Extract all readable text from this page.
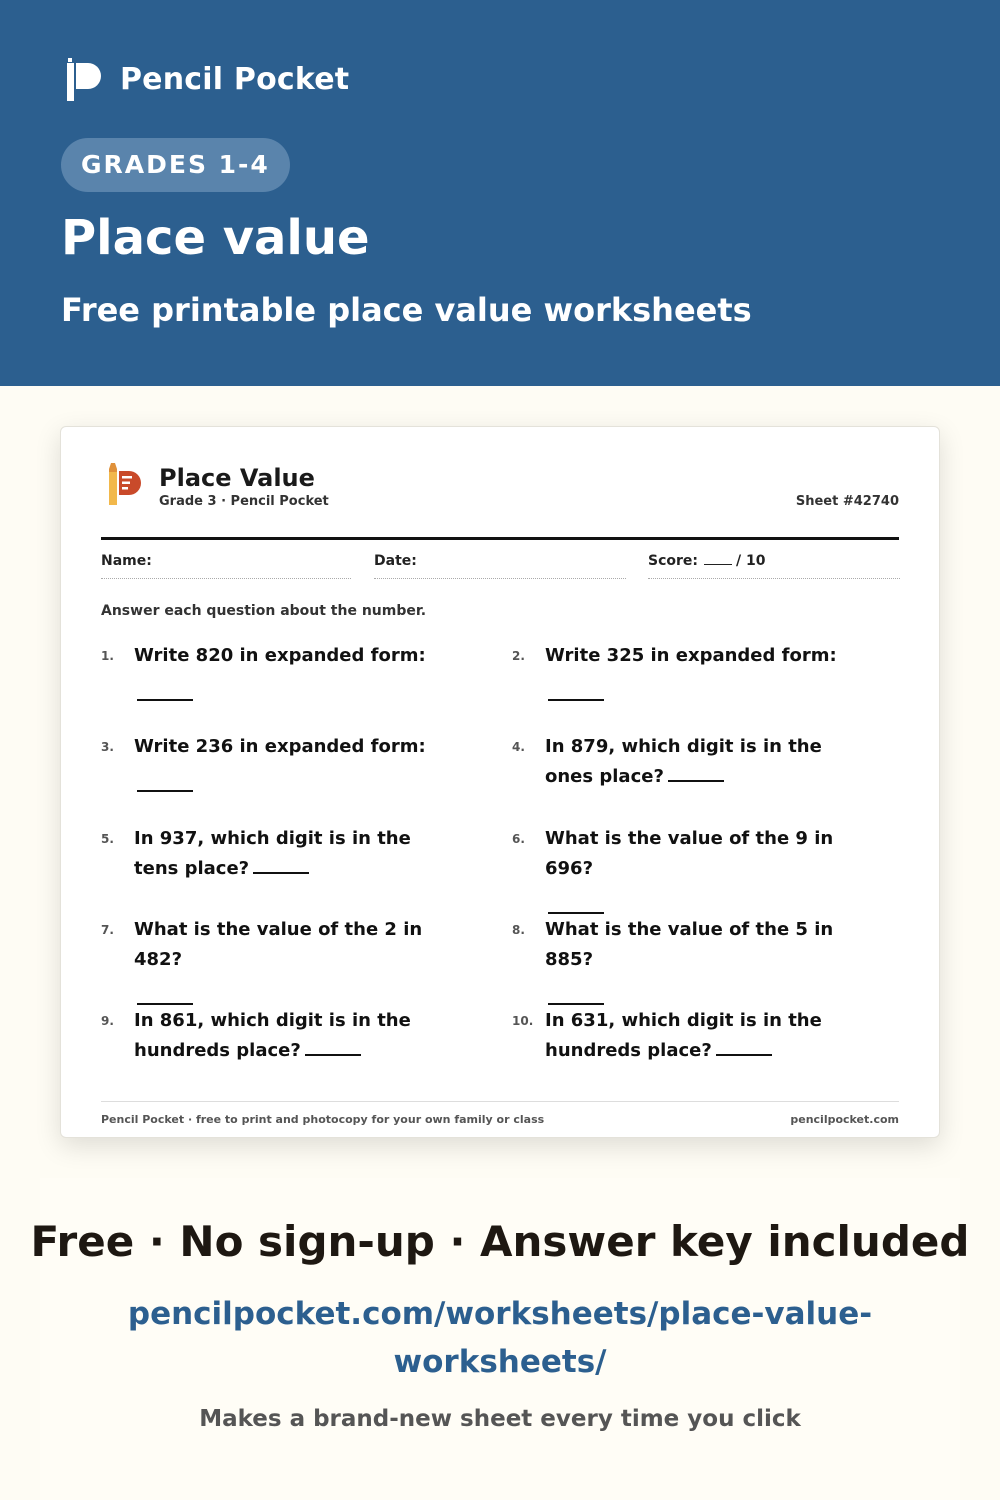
Pencil Pocket
GRADES 1-4
Place value
Free printable place value worksheets
Place Value
Grade 3 · Pencil Pocket	Sheet #42740
Name:	Date:	Score:	/ 10
Answer each question about the number.
1. Write 820 in expanded form:	2. Write 325 in expanded form:
3. Write 236 in expanded form:	4. In 879, which digit is in the ones place?
5. In 937, which digit is in the tens place?
6. What is the value of the 9 in 696?
7. What is the value of the 2 in 482?
8. What is the value of the 5 in 885?
9. In 861, which digit is in the hundreds place?
10. In 631, which digit is in the hundreds place?
Pencil Pocket · free to print and photocopy for your own family or class	pencilpocket.com
Free · No sign-up · Answer key included
pencilpocket.com/worksheets/place-value-worksheets/
Makes a brand-new sheet every time you click
